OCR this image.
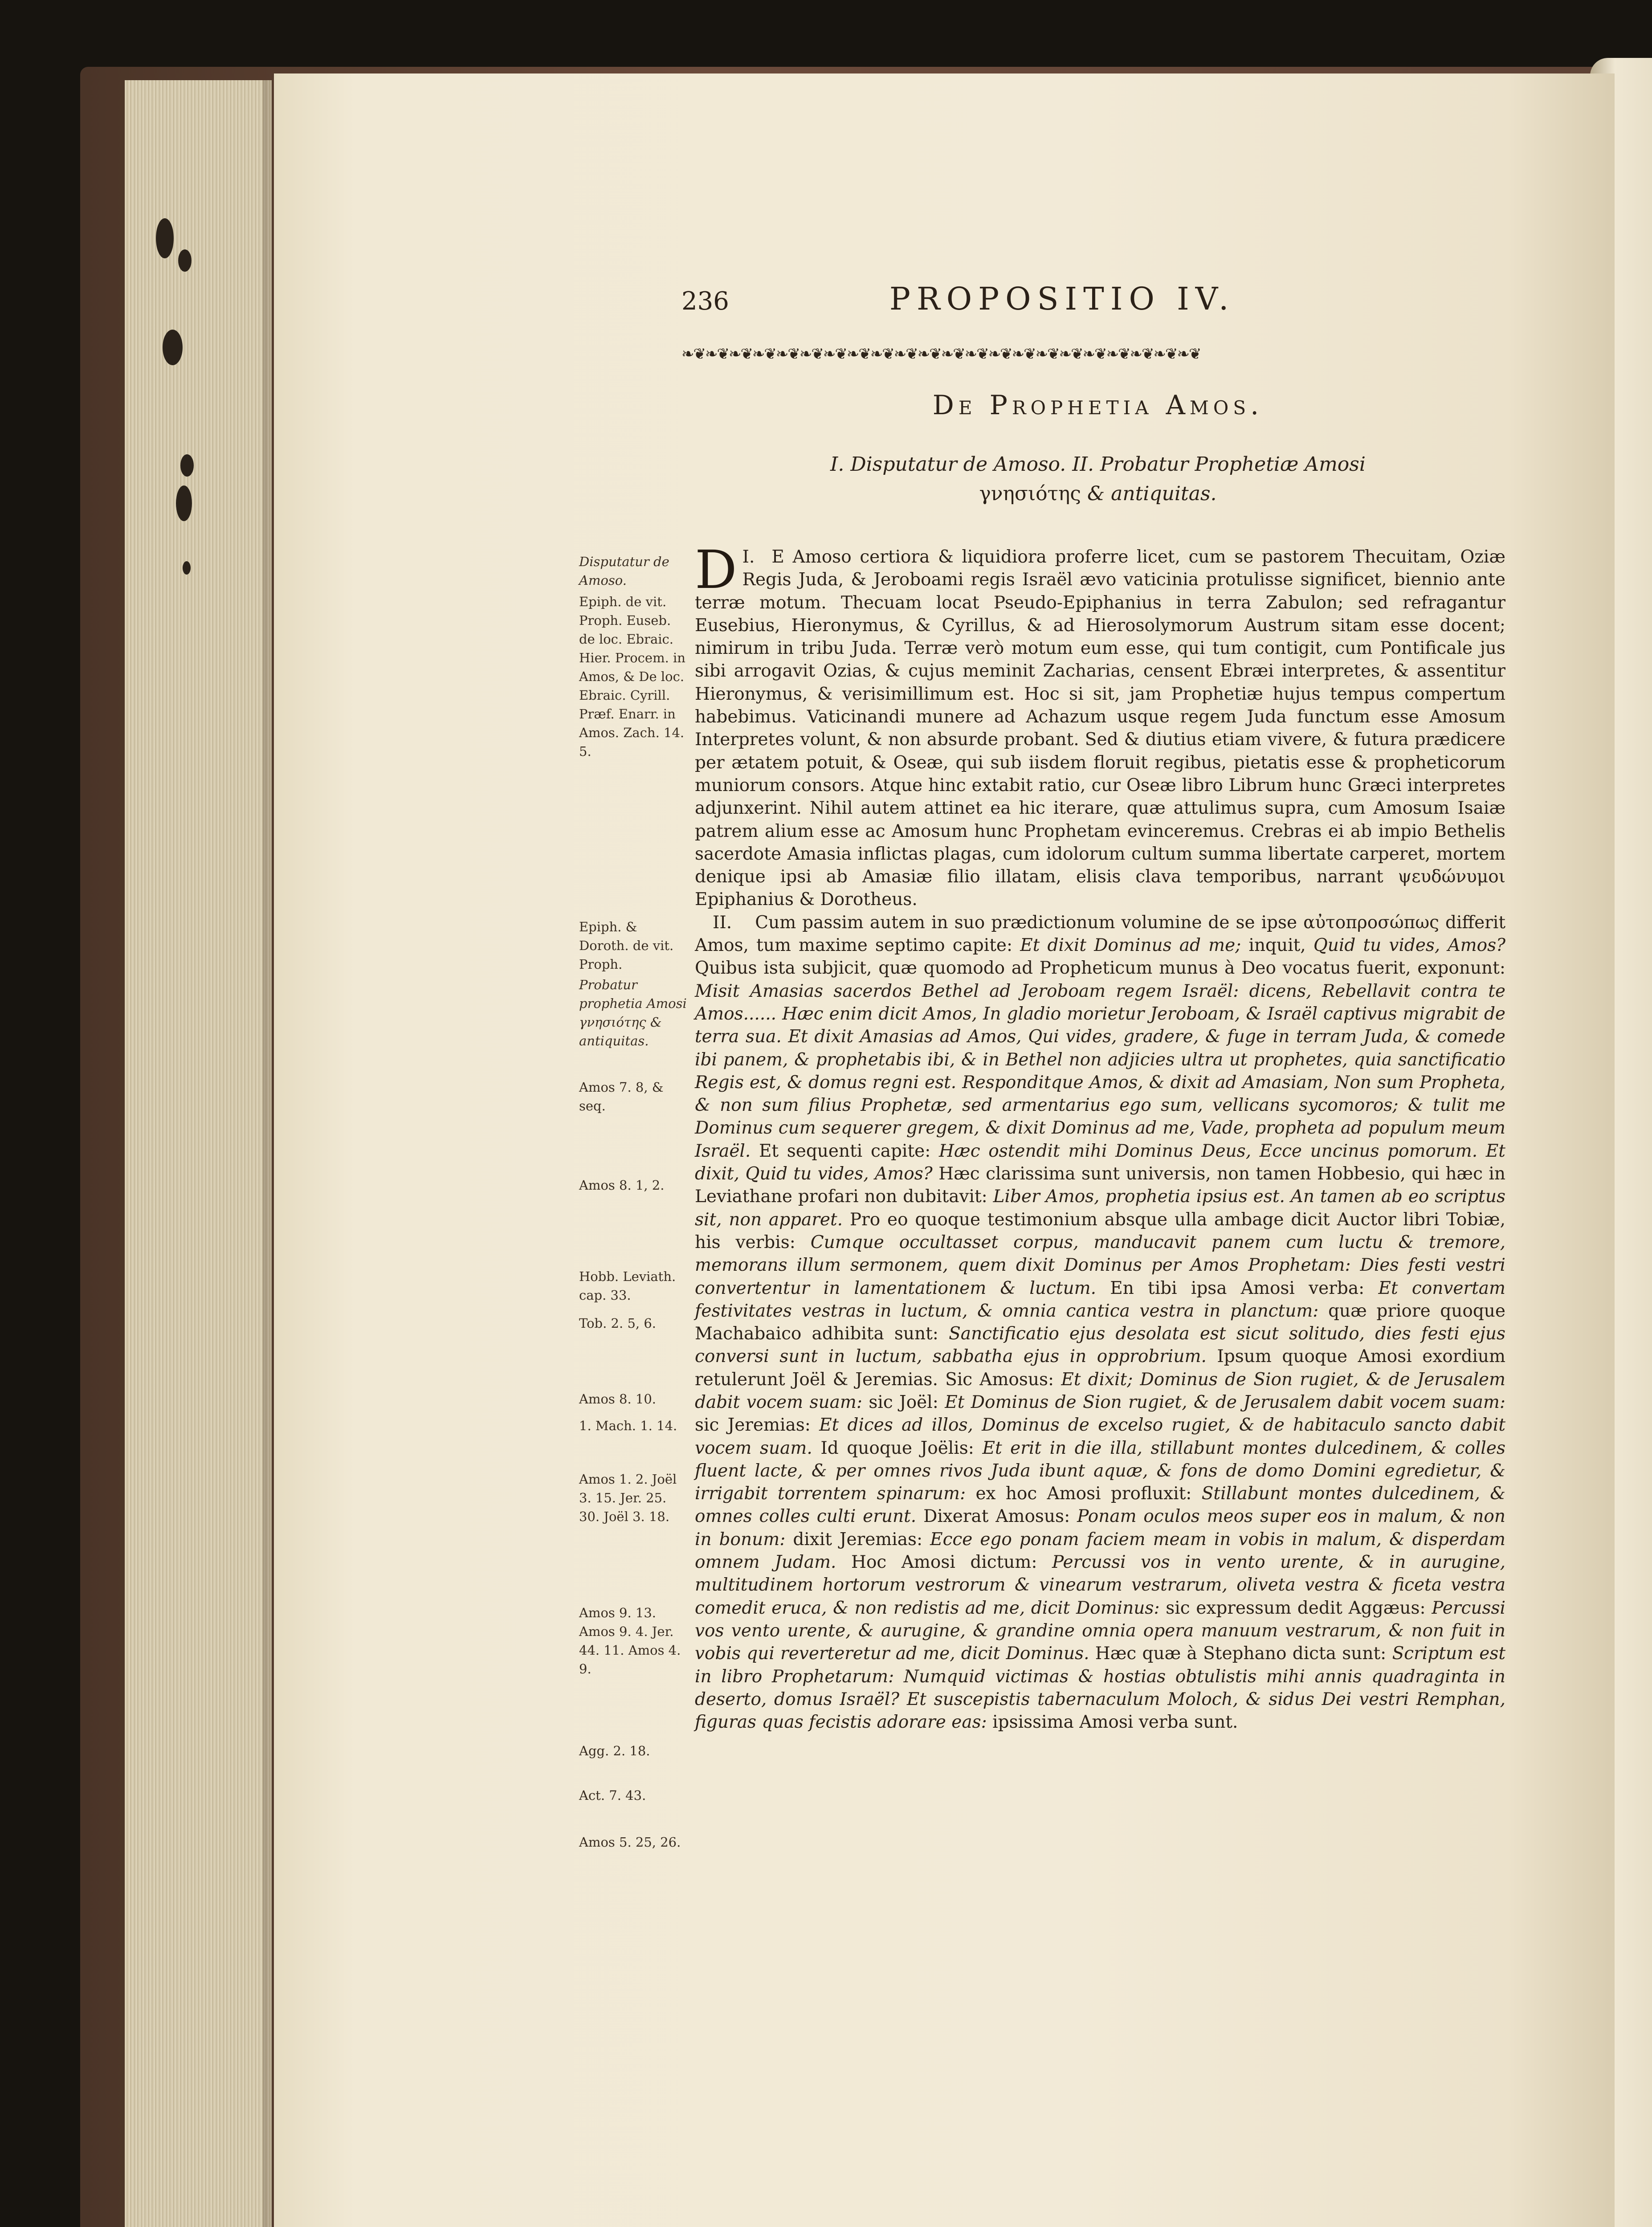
236	PROPOSITIO IV.
❧❦❧❦❧❦❧❦❧❦❧❦❧❦❧❦❧❦❧❦❧❦❧❦❧❦❧❦❧❦❧❦❧❦❧❦❧❦❧❦❧❦❧❦
De Prophetia Amos.
I. Disputatur de Amoso. II. Probatur Prophetiæ Amosi
γνησιότης & antiquitas.
Disputatur de Amoso.
Epiph. de vit. Proph. Euseb. de loc. Ebraic. Hier. Procem. in Amos, & De loc. Ebraic. Cyrill. Præf. Enarr. in Amos. Zach. 14. 5.
Epiph. & Doroth. de vit. Proph.
Probatur prophetia Amosi γνησιότης & antiquitas.
Amos 7. 8, & seq.
Amos 8. 1, 2.
Hobb. Leviath. cap. 33.
Tob. 2. 5, 6.
Amos 8. 10.
1. Mach. 1. 14.
Amos 1. 2. Joël 3. 15. Jer. 25. 30. Joël 3. 18.
Amos 9. 13. Amos 9. 4. Jer. 44. 11. Amos 4. 9.
Agg. 2. 18.
Act. 7. 43.
Amos 5. 25, 26.

I.
D E Amoso certiora & liquidiora proferre licet, cum se pastorem Thecuitam, Oziæ Regis Juda, & Jeroboami regis Israël ævo vaticinia protulisse significet, biennio ante terræ motum. Thecuam locat Pseudo-Epiphanius in terra Zabulon; sed refragantur Eusebius, Hieronymus, & Cyrillus, & ad Hierosolymorum Austrum sitam esse docent; nimirum in tribu Juda. Terræ verò motum eum esse, qui tum contigit, cum Pontificale jus sibi arrogavit Ozias, & cujus meminit Zacharias, censent Ebræi interpretes, & assentitur Hieronymus, & verisimillimum est. Hoc si sit, jam Prophetiæ hujus tempus compertum habebimus. Vaticinandi munere ad Achazum usque regem Juda functum esse Amosum Interpretes volunt, & non absurde probant. Sed & diutius etiam vivere, & futura prædicere per ætatem potuit, & Oseæ, qui sub iisdem floruit regibus, pietatis esse & propheticorum muniorum consors. Atque hinc extabit ratio, cur Oseæ libro Librum hunc Græci interpretes adjunxerint. Nihil autem attinet ea hic iterare, quæ attulimus supra, cum Amosum Isaiæ patrem alium esse ac Amosum hunc Prophetam evinceremus. Crebras ei ab impio Bethelis sacerdote Amasia inflictas plagas, cum idolorum cultum summa libertate carperet, mortem denique ipsi ab Amasiæ filio illatam, elisis clava temporibus, narrant ψευδώνυμοι Epiphanius & Dorotheus.

II. Cum passim autem in suo prædictionum volumine de se ipse αὐτοπροσώπως differit Amos, tum maxime septimo capite: Et dixit Dominus ad me; inquit, Quid tu vides, Amos? Quibus ista subjicit, quæ quomodo ad Propheticum munus à Deo vocatus fuerit, exponunt: Misit Amasias sacerdos Bethel ad Jeroboam regem Israël: dicens, Rebellavit contra te Amos...... Hæc enim dicit Amos, In gladio morietur Jeroboam, & Israël captivus migrabit de terra sua. Et dixit Amasias ad Amos, Qui vides, gradere, & fuge in terram Juda, & comede ibi panem, & prophetabis ibi, & in Bethel non adjicies ultra ut prophetes, quia sanctificatio Regis est, & domus regni est. Responditque Amos, & dixit ad Amasiam, Non sum Propheta, & non sum filius Prophetæ, sed armentarius ego sum, vellicans sycomoros; & tulit me Dominus cum sequerer gregem, & dixit Dominus ad me, Vade, propheta ad populum meum Israël. Et sequenti capite: Hæc ostendit mihi Dominus Deus, Ecce uncinus pomorum. Et dixit, Quid tu vides, Amos? Hæc clarissima sunt universis, non tamen Hobbesio, qui hæc in Leviathane profari non dubitavit: Liber Amos, prophetia ipsius est. An tamen ab eo scriptus sit, non apparet. Pro eo quoque testimonium absque ulla ambage dicit Auctor libri Tobiæ, his verbis: Cumque occultasset corpus, manducavit panem cum luctu & tremore, memorans illum sermonem, quem dixit Dominus per Amos Prophetam: Dies festi vestri convertentur in lamentationem & luctum. En tibi ipsa Amosi verba: Et convertam festivitates vestras in luctum, & omnia cantica vestra in planctum: quæ priore quoque Machabaico adhibita sunt: Sanctificatio ejus desolata est sicut solitudo, dies festi ejus conversi sunt in luctum, sabbatha ejus in opprobrium. Ipsum quoque Amosi exordium retulerunt Joël & Jeremias. Sic Amosus: Et dixit; Dominus de Sion rugiet, & de Jerusalem dabit vocem suam: sic Joël: Et Dominus de Sion rugiet, & de Jerusalem dabit vocem suam: sic Jeremias: Et dices ad illos, Dominus de excelso rugiet, & de habitaculo sancto dabit vocem suam. Id quoque Joëlis: Et erit in die illa, stillabunt montes dulcedinem, & colles fluent lacte, & per omnes rivos Juda ibunt aquæ, & fons de domo Domini egredietur, & irrigabit torrentem spinarum: ex hoc Amosi profluxit: Stillabunt montes dulcedinem, & omnes colles culti erunt. Dixerat Amosus: Ponam oculos meos super eos in malum, & non in bonum: dixit Jeremias: Ecce ego ponam faciem meam in vobis in malum, & disperdam omnem Judam. Hoc Amosi dictum: Percussi vos in vento urente, & in aurugine, multitudinem hortorum vestrorum & vinearum vestrarum, oliveta vestra & ficeta vestra comedit eruca, & non redistis ad me, dicit Dominus: sic expressum dedit Aggæus: Percussi vos vento urente, & aurugine, & grandine omnia opera manuum vestrarum, & non fuit in vobis qui reverteretur ad me, dicit Dominus. Hæc quæ à Stephano dicta sunt: Scriptum est in libro Prophetarum: Numquid victimas & hostias obtulistis mihi annis quadraginta in deserto, domus Israël? Et suscepistis tabernaculum Moloch, & sidus Dei vestri Remphan, figuras quas fecistis adorare eas: ipsissima Amosi verba sunt.
